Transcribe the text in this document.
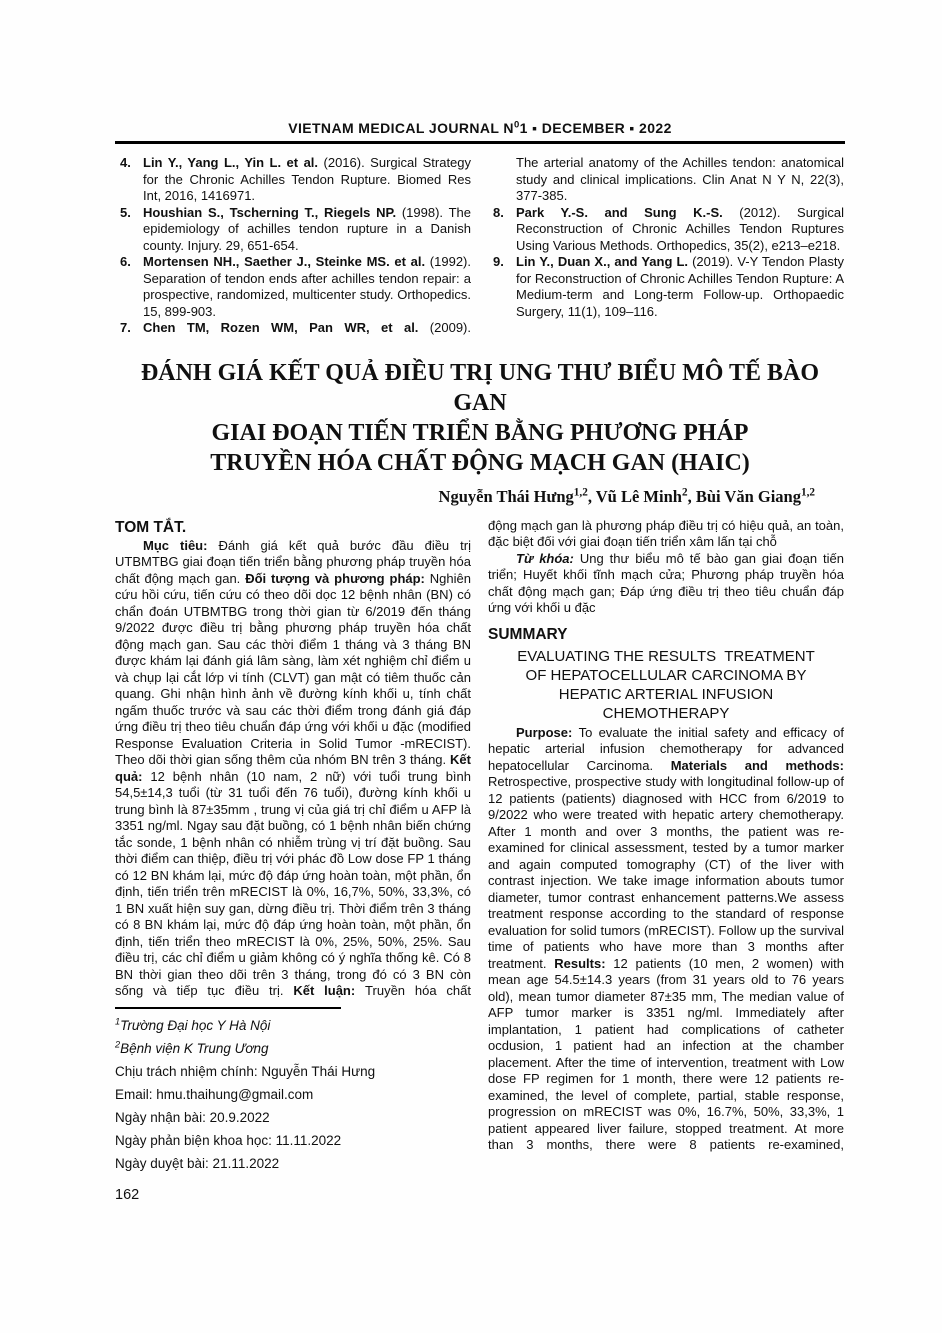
VIETNAM MEDICAL JOURNAL $N^01$ ▪ DECEMBER ▪ 2022
4. Lin Y., Yang L., Yin L. et al. (2016). Surgical Strategy for the Chronic Achilles Tendon Rupture. Biomed Res Int, 2016, 1416971.
5. Houshian S., Tscherning T., Riegels NP. (1998). The epidemiology of achilles tendon rupture in a Danish county. Injury. 29, 651-654.
6. Mortensen NH., Saether J., Steinke MS. et al. (1992). Separation of tendon ends after achilles tendon repair: a prospective, randomized, multicenter study. Orthopedics. 15, 899-903.
7. Chen TM, Rozen WM, Pan WR, et al. (2009).
The arterial anatomy of the Achilles tendon: anatomical study and clinical implications. Clin Anat N Y N, 22(3), 377-385.
8. Park Y.-S. and Sung K.-S. (2012). Surgical Reconstruction of Chronic Achilles Tendon Ruptures Using Various Methods. Orthopedics, 35(2), e213–e218.
9. Lin Y., Duan X., and Yang L. (2019). V-Y Tendon Plasty for Reconstruction of Chronic Achilles Tendon Rupture: A Medium-term and Long-term Follow-up. Orthopaedic Surgery, 11(1), 109–116.
ĐÁNH GIÁ KẾT QUẢ ĐIỀU TRỊ UNG THƯ BIỂU MÔ TẾ BÀO GAN
GIAI ĐOẠN TIẾN TRIỂN BẰNG PHƯƠNG PHÁP
TRUYỀN HÓA CHẤT ĐỘNG MẠCH GAN (HAIC)
Nguyễn Thái Hưng$^{1,2}$, Vũ Lê Minh$^2$, Bùi Văn Giang$^{1,2}$
TOM TẮT.
Mục tiêu: Đánh giá kết quả bước đầu điều trị UTBMTBG giai đoạn tiến triển bằng phương pháp truyền hóa chất động mạch gan. Đối tượng và phương pháp: Nghiên cứu hồi cứu, tiến cứu có theo dõi dọc 12 bệnh nhân (BN) có chẩn đoán UTBMTBG trong thời gian từ 6/2019 đến tháng 9/2022 được điều trị bằng phương pháp truyền hóa chất động mạch gan. Sau các thời điểm 1 tháng và 3 tháng BN được khám lại đánh giá lâm sàng, làm xét nghiệm chỉ điểm u và chụp lại cắt lớp vi tính (CLVT) gan mật có tiêm thuốc cản quang. Ghi nhận hình ảnh về đường kính khối u, tính chất ngấm thuốc trước và sau các thời điểm trong đánh giá đáp ứng điều trị theo tiêu chuẩn đáp ứng với khối u đặc (modified Response Evaluation Criteria in Solid Tumor -mRECIST). Theo dõi thời gian sống thêm của nhóm BN trên 3 tháng. Kết quả: 12 bệnh nhân (10 nam, 2 nữ) với tuổi trung bình 54,5±14,3 tuổi (từ 31 tuổi đến 76 tuổi), đường kính khối u trung bình là 87±35mm , trung vị của giá trị chỉ điểm u AFP là 3351 ng/ml. Ngay sau đặt buồng, có 1 bệnh nhân biến chứng tắc sonde, 1 bệnh nhân có nhiễm trùng vị trí đặt buồng. Sau thời điểm can thiệp, điều trị với phác đồ Low dose FP 1 tháng có 12 BN khám lại, mức độ đáp ứng hoàn toàn, một phần, ổn định, tiến triển trên mRECIST là 0%, 16,7%, 50%, 33,3%, có 1 BN xuất hiện suy gan, dừng điều trị. Thời điểm trên 3 tháng có 8 BN khám lại, mức độ đáp ứng hoàn toàn, một phần, ổn định, tiến triển theo mRECIST là 0%, 25%, 50%, 25%. Sau điều trị, các chỉ điểm u giảm không có ý nghĩa thống kê. Có 8 BN thời gian theo dõi trên 3 tháng, trong đó có 3 BN còn sống và tiếp tục điều trị. Kết luận: Truyền hóa chất
$^1$Trường Đại học Y Hà Nội
$^2$Bệnh viện K Trung Ương
Chịu trách nhiệm chính: Nguyễn Thái Hưng
Email: hmu.thaihung@gmail.com
Ngày nhận bài: 20.9.2022
Ngày phản biện khoa học: 11.11.2022
Ngày duyệt bài: 21.11.2022
162
động mạch gan là phương pháp điều trị có hiệu quả, an toàn, đặc biệt đối với giai đoạn tiến triển xâm lấn tại chỗ
Từ khóa: Ung thư biểu mô tế bào gan giai đoạn tiến triển; Huyết khối tĩnh mạch cửa; Phương pháp truyền hóa chất động mạch gan; Đáp ứng điều trị theo tiêu chuẩn đáp ứng với khối u đặc
SUMMARY
EVALUATING THE RESULTS  TREATMENT
OF HEPATOCELLULAR CARCINOMA BY
HEPATIC ARTERIAL INFUSION
CHEMOTHERAPY
Purpose: To evaluate the initial safety and efficacy of hepatic arterial infusion chemotherapy for advanced hepatocellular Carcinoma. Materials and methods: Retrospective, prospective study with longitudinal follow-up of 12 patients (patients) diagnosed with HCC from 6/2019 to 9/2022 who were treated with hepatic artery chemotherapy. After 1 month and over 3 months, the patient was re-examined for clinical assessment, tested by a tumor marker and again computed tomography (CT) of the liver with contrast injection. We take image information abouts tumor diameter, tumor contrast enhancement patterns.We assess treatment response according to the standard of response evaluation for solid tumors (mRECIST). Follow up the survival time of patients who have more than 3 months after treatment. Results: 12 patients (10 men, 2 women) with mean age 54.5±14.3 years (from 31 years old to 76 years old), mean tumor diameter 87±35 mm, The median value of AFP tumor marker is 3351 ng/ml. Immediately after implantation, 1 patient had complications of catheter ocdusion, 1 patient had an infection at the chamber placement. After the time of intervention, treatment with Low dose FP regimen for 1 month, there were 12 patients re-examined, the level of complete, partial, stable response, progression on mRECIST was 0%, 16.7%, 50%, 33,3%, 1 patient appeared liver failure, stopped treatment. At more than 3 months, there were 8 patients re-examined,
